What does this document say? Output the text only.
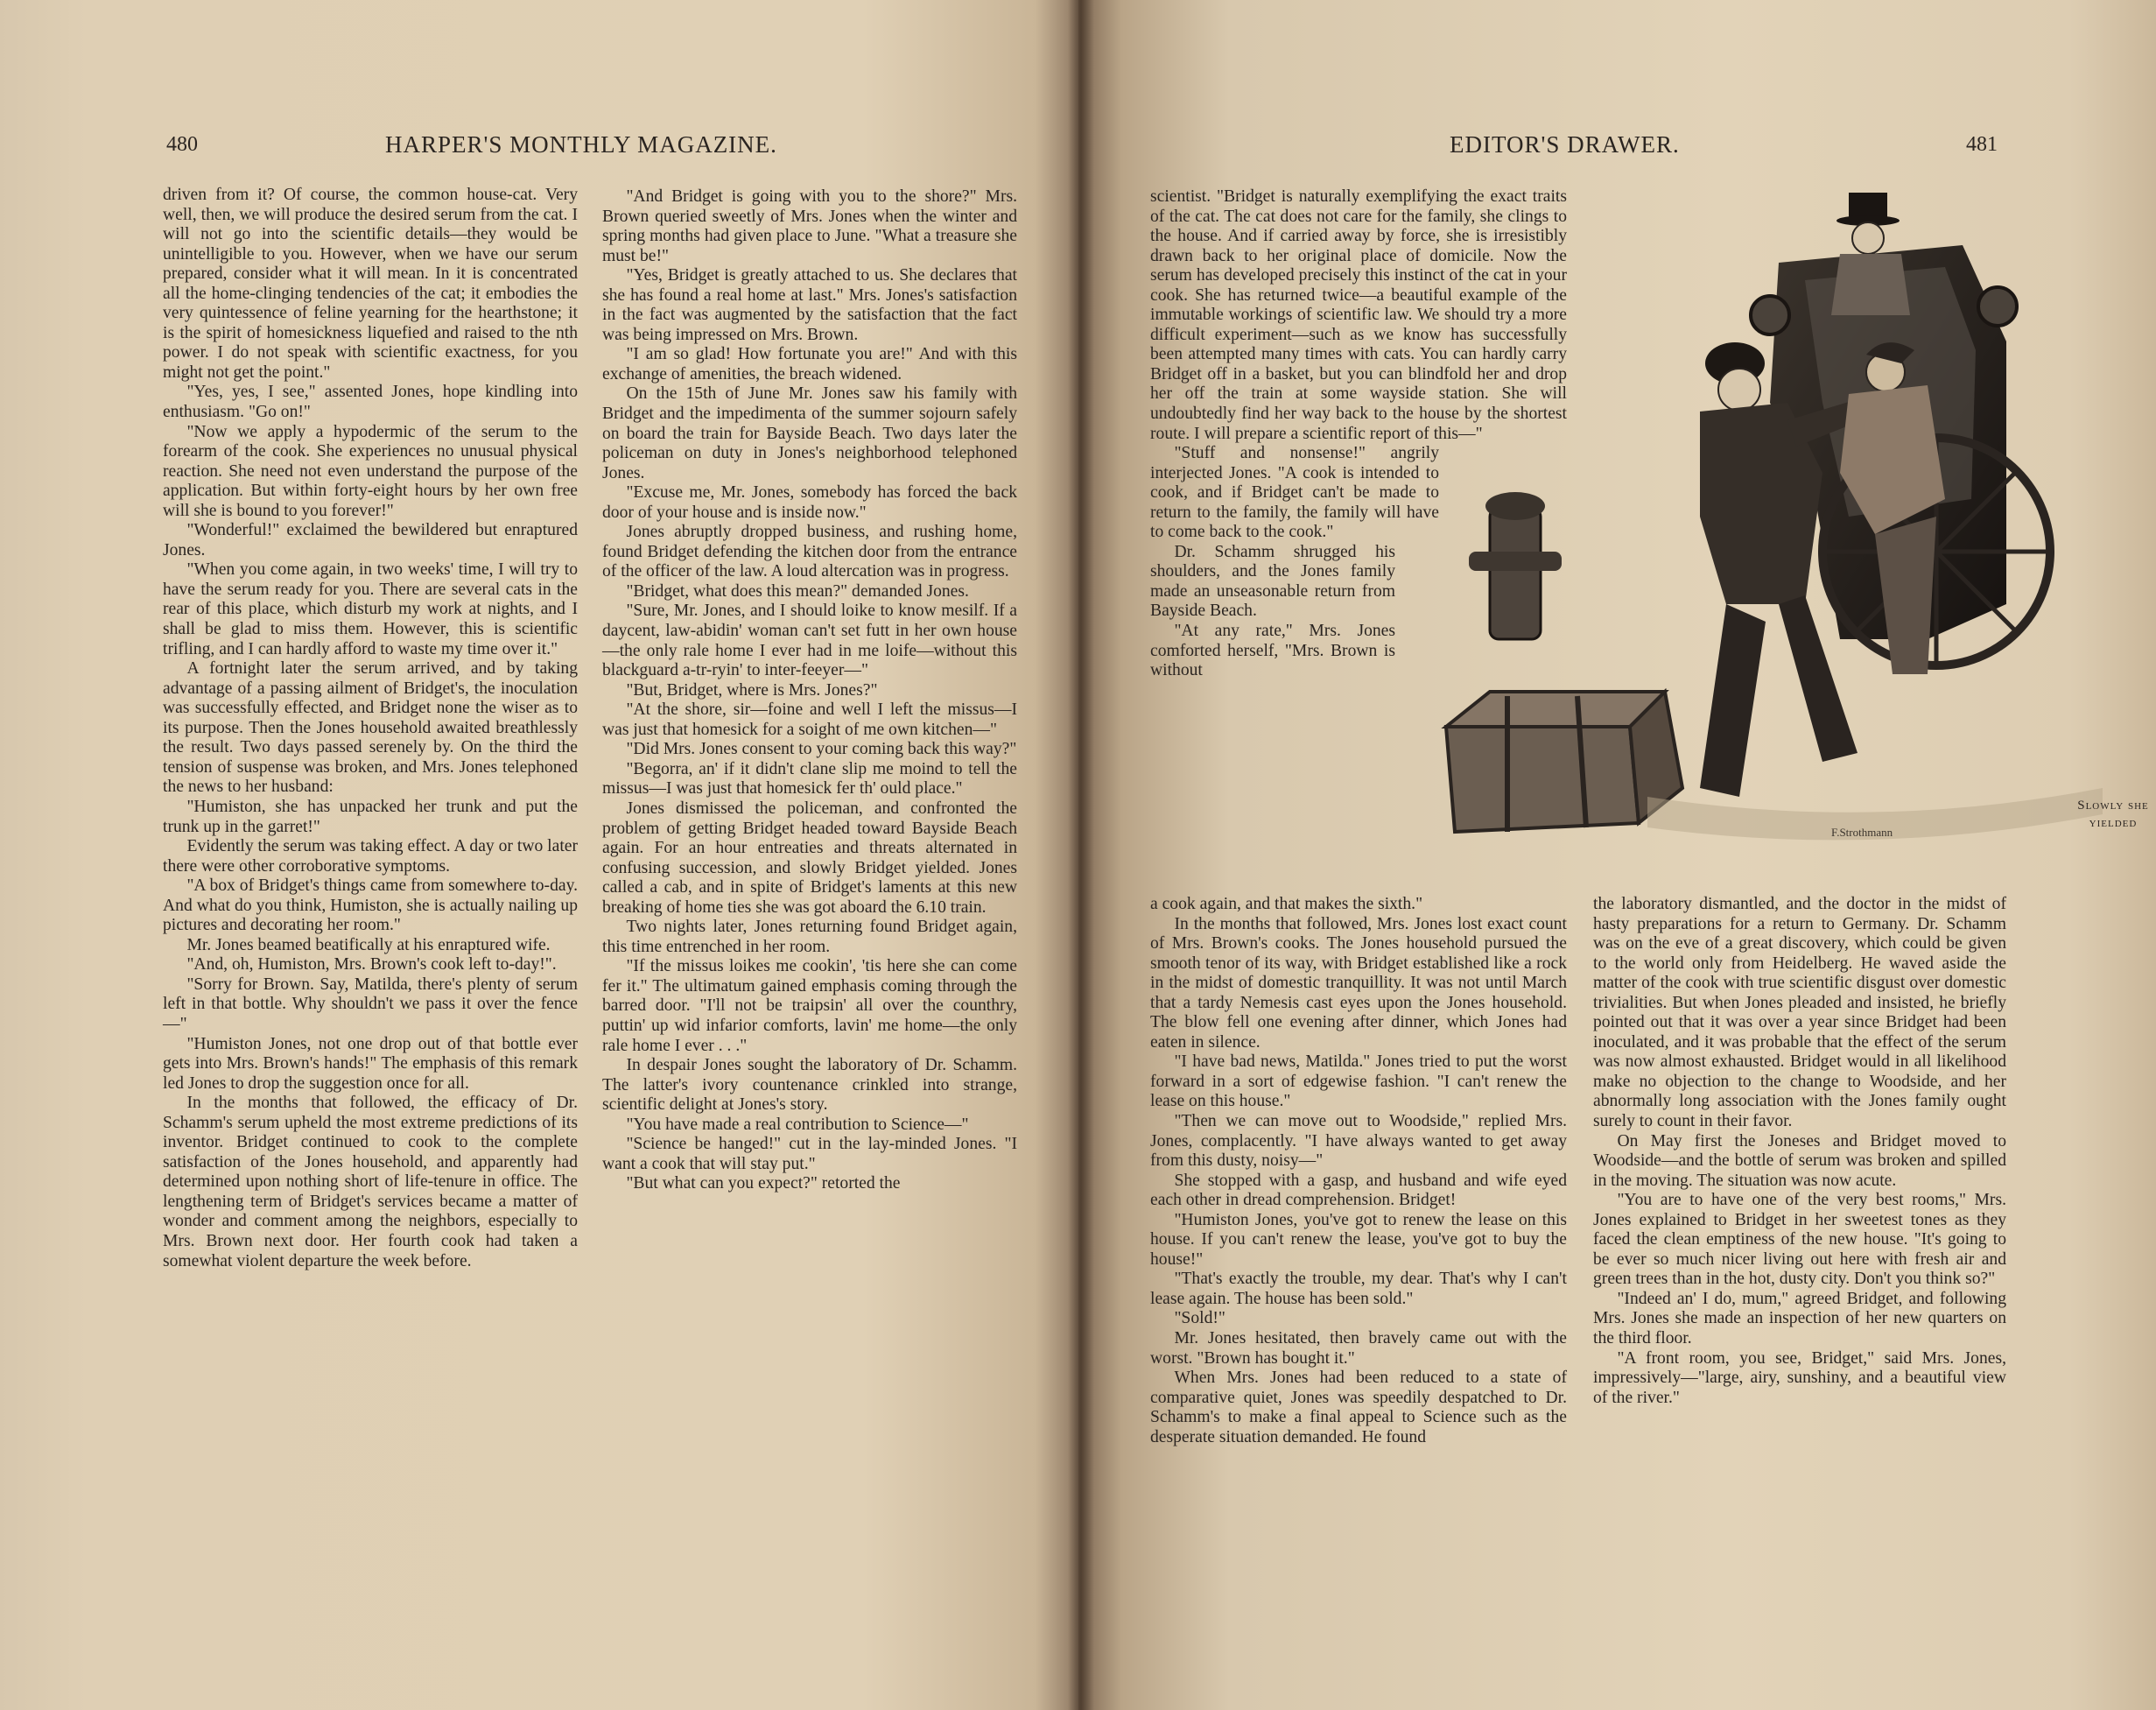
480	HARPER'S MONTHLY MAGAZINE.

driven from it? Of course, the common house-cat. Very well, then, we will produce the desired serum from the cat. I will not go into the scientific details—they would be unintelligible to you. However, when we have our serum prepared, consider what it will mean. In it is concentrated all the home-clinging tendencies of the cat; it embodies the very quintessence of feline yearning for the hearthstone; it is the spirit of homesickness liquefied and raised to the nth power. I do not speak with scientific exactness, for you might not get the point."

"Yes, yes, I see," assented Jones, hope kindling into enthusiasm. "Go on!"

"Now we apply a hypodermic of the serum to the forearm of the cook. She experiences no unusual physical reaction. She need not even understand the purpose of the application. But within forty-eight hours by her own free will she is bound to you forever!"

"Wonderful!" exclaimed the bewildered but enraptured Jones.

"When you come again, in two weeks' time, I will try to have the serum ready for you. There are several cats in the rear of this place, which disturb my work at nights, and I shall be glad to miss them. However, this is scientific trifling, and I can hardly afford to waste my time over it."

A fortnight later the serum arrived, and by taking advantage of a passing ailment of Bridget's, the inoculation was successfully effected, and Bridget none the wiser as to its purpose. Then the Jones household awaited breathlessly the result. Two days passed serenely by. On the third the tension of suspense was broken, and Mrs. Jones telephoned the news to her husband:

"Humiston, she has unpacked her trunk and put the trunk up in the garret!"

Evidently the serum was taking effect. A day or two later there were other corroborative symptoms.

"A box of Bridget's things came from somewhere to-day. And what do you think, Humiston, she is actually nailing up pictures and decorating her room."

Mr. Jones beamed beatifically at his enraptured wife.

"And, oh, Humiston, Mrs. Brown's cook left to-day!".

"Sorry for Brown. Say, Matilda, there's plenty of serum left in that bottle. Why shouldn't we pass it over the fence—"

"Humiston Jones, not one drop out of that bottle ever gets into Mrs. Brown's hands!" The emphasis of this remark led Jones to drop the suggestion once for all.

In the months that followed, the efficacy of Dr. Schamm's serum upheld the most extreme predictions of its inventor. Bridget continued to cook to the complete satisfaction of the Jones household, and apparently had determined upon nothing short of life-tenure in office. The lengthening term of Bridget's services became a matter of wonder and comment among the neighbors, especially to Mrs. Brown next door. Her fourth cook had taken a somewhat violent departure the week before.

"And Bridget is going with you to the shore?" Mrs. Brown queried sweetly of Mrs. Jones when the winter and spring months had given place to June. "What a treasure she must be!"

"Yes, Bridget is greatly attached to us. She declares that she has found a real home at last." Mrs. Jones's satisfaction in the fact was augmented by the satisfaction that the fact was being impressed on Mrs. Brown.

"I am so glad! How fortunate you are!" And with this exchange of amenities, the breach widened.

On the 15th of June Mr. Jones saw his family with Bridget and the impedimenta of the summer sojourn safely on board the train for Bayside Beach. Two days later the policeman on duty in Jones's neighborhood telephoned Jones.

"Excuse me, Mr. Jones, somebody has forced the back door of your house and is inside now."

Jones abruptly dropped business, and rushing home, found Bridget defending the kitchen door from the entrance of the officer of the law. A loud altercation was in progress.

"Bridget, what does this mean?" demanded Jones.

"Sure, Mr. Jones, and I should loike to know mesilf. If a daycent, law-abidin' woman can't set futt in her own house—the only rale home I ever had in me loife—without this blackguard a-tr-ryin' to inter-feeyer—"

"But, Bridget, where is Mrs. Jones?"

"At the shore, sir—foine and well I left the missus—I was just that homesick for a soight of me own kitchen—"

"Did Mrs. Jones consent to your coming back this way?"

"Begorra, an' if it didn't clane slip me moind to tell the missus—I was just that homesick fer th' ould place."

Jones dismissed the policeman, and confronted the problem of getting Bridget headed toward Bayside Beach again. For an hour entreaties and threats alternated in confusing succession, and slowly Bridget yielded. Jones called a cab, and in spite of Bridget's laments at this new breaking of home ties she was got aboard the 6.10 train.

Two nights later, Jones returning found Bridget again, this time entrenched in her room.

"If the missus loikes me cookin', 'tis here she can come fer it." The ultimatum gained emphasis coming through the barred door. "I'll not be traipsin' all over the counthry, puttin' up wid infarior comforts, lavin' me home—the only rale home I ever . . ."

In despair Jones sought the laboratory of Dr. Schamm. The latter's ivory countenance crinkled into strange, scientific delight at Jones's story.

"You have made a real contribution to Science—"

"Science be hanged!" cut in the lay-minded Jones. "I want a cook that will stay put."

"But what can you expect?" retorted the

EDITOR'S DRAWER.	481

scientist. "Bridget is naturally exemplifying the exact traits of the cat. The cat does not care for the family, she clings to the house. And if carried away by force, she is irresistibly drawn back to her original place of domicile. Now the serum has developed precisely this instinct of the cat in your cook. She has returned twice—a beautiful example of the immutable workings of scientific law. We should try a more difficult experiment—such as we know has successfully been attempted many times with cats. You can hardly carry Bridget off in a basket, but you can blindfold her and drop her off the train at some wayside station. She will undoubtedly find her way back to the house by the shortest route. I will prepare a scientific report of this—"

"Stuff and nonsense!" angrily interjected Jones. "A cook is intended to cook, and if Bridget can't be made to return to the family, the family will have to come back to the cook."

Dr. Schamm shrugged his shoulders, and the Jones family made an unseasonable return from Bayside Beach.

"At any rate," Mrs. Jones comforted herself, "Mrs. Brown is without

a cook again, and that makes the sixth."

In the months that followed, Mrs. Jones lost exact count of Mrs. Brown's cooks. The Jones household pursued the smooth tenor of its way, with Bridget established like a rock in the midst of domestic tranquillity. It was not until March that a tardy Nemesis cast eyes upon the Jones household. The blow fell one evening after dinner, which Jones had eaten in silence.

"I have bad news, Matilda." Jones tried to put the worst forward in a sort of edgewise fashion. "I can't renew the lease on this house."

"Then we can move out to Woodside," replied Mrs. Jones, complacently. "I have always wanted to get away from this dusty, noisy—"

She stopped with a gasp, and husband and wife eyed each other in dread comprehension. Bridget!

"Humiston Jones, you've got to renew the lease on this house. If you can't renew the lease, you've got to buy the house!"

"That's exactly the trouble, my dear. That's why I can't lease again. The house has been sold."

"Sold!"

Mr. Jones hesitated, then bravely came out with the worst. "Brown has bought it."

When Mrs. Jones had been reduced to a state of comparative quiet, Jones was speedily despatched to Dr. Schamm's to make a final appeal to Science such as the desperate situation demanded. He found

the laboratory dismantled, and the doctor in the midst of hasty preparations for a return to Germany. Dr. Schamm was on the eve of a great discovery, which could be given to the world only from Heidelberg. He waved aside the matter of the cook with true scientific disgust over domestic trivialities. But when Jones pleaded and insisted, he briefly pointed out that it was over a year since Bridget had been inoculated, and it was probable that the effect of the serum was now almost exhausted. Bridget would in all likelihood make no objection to the change to Woodside, and her abnormally long association with the Jones family ought surely to count in their favor.

On May first the Joneses and Bridget moved to Woodside—and the bottle of serum was broken and spilled in the moving. The situation was now acute.

"You are to have one of the very best rooms," Mrs. Jones explained to Bridget in her sweetest tones as they faced the clean emptiness of the new house. "It's going to be ever so much nicer living out here with fresh air and green trees than in the hot, dusty city. Don't you think so?"

"Indeed an' I do, mum," agreed Bridget, and following Mrs. Jones she made an inspection of her new quarters on the third floor.

"A front room, you see, Bridget," said Mrs. Jones, impressively—"large, airy, sunshiny, and a beautiful view of the river."

F.Strothmann
Slowly she
yielded
